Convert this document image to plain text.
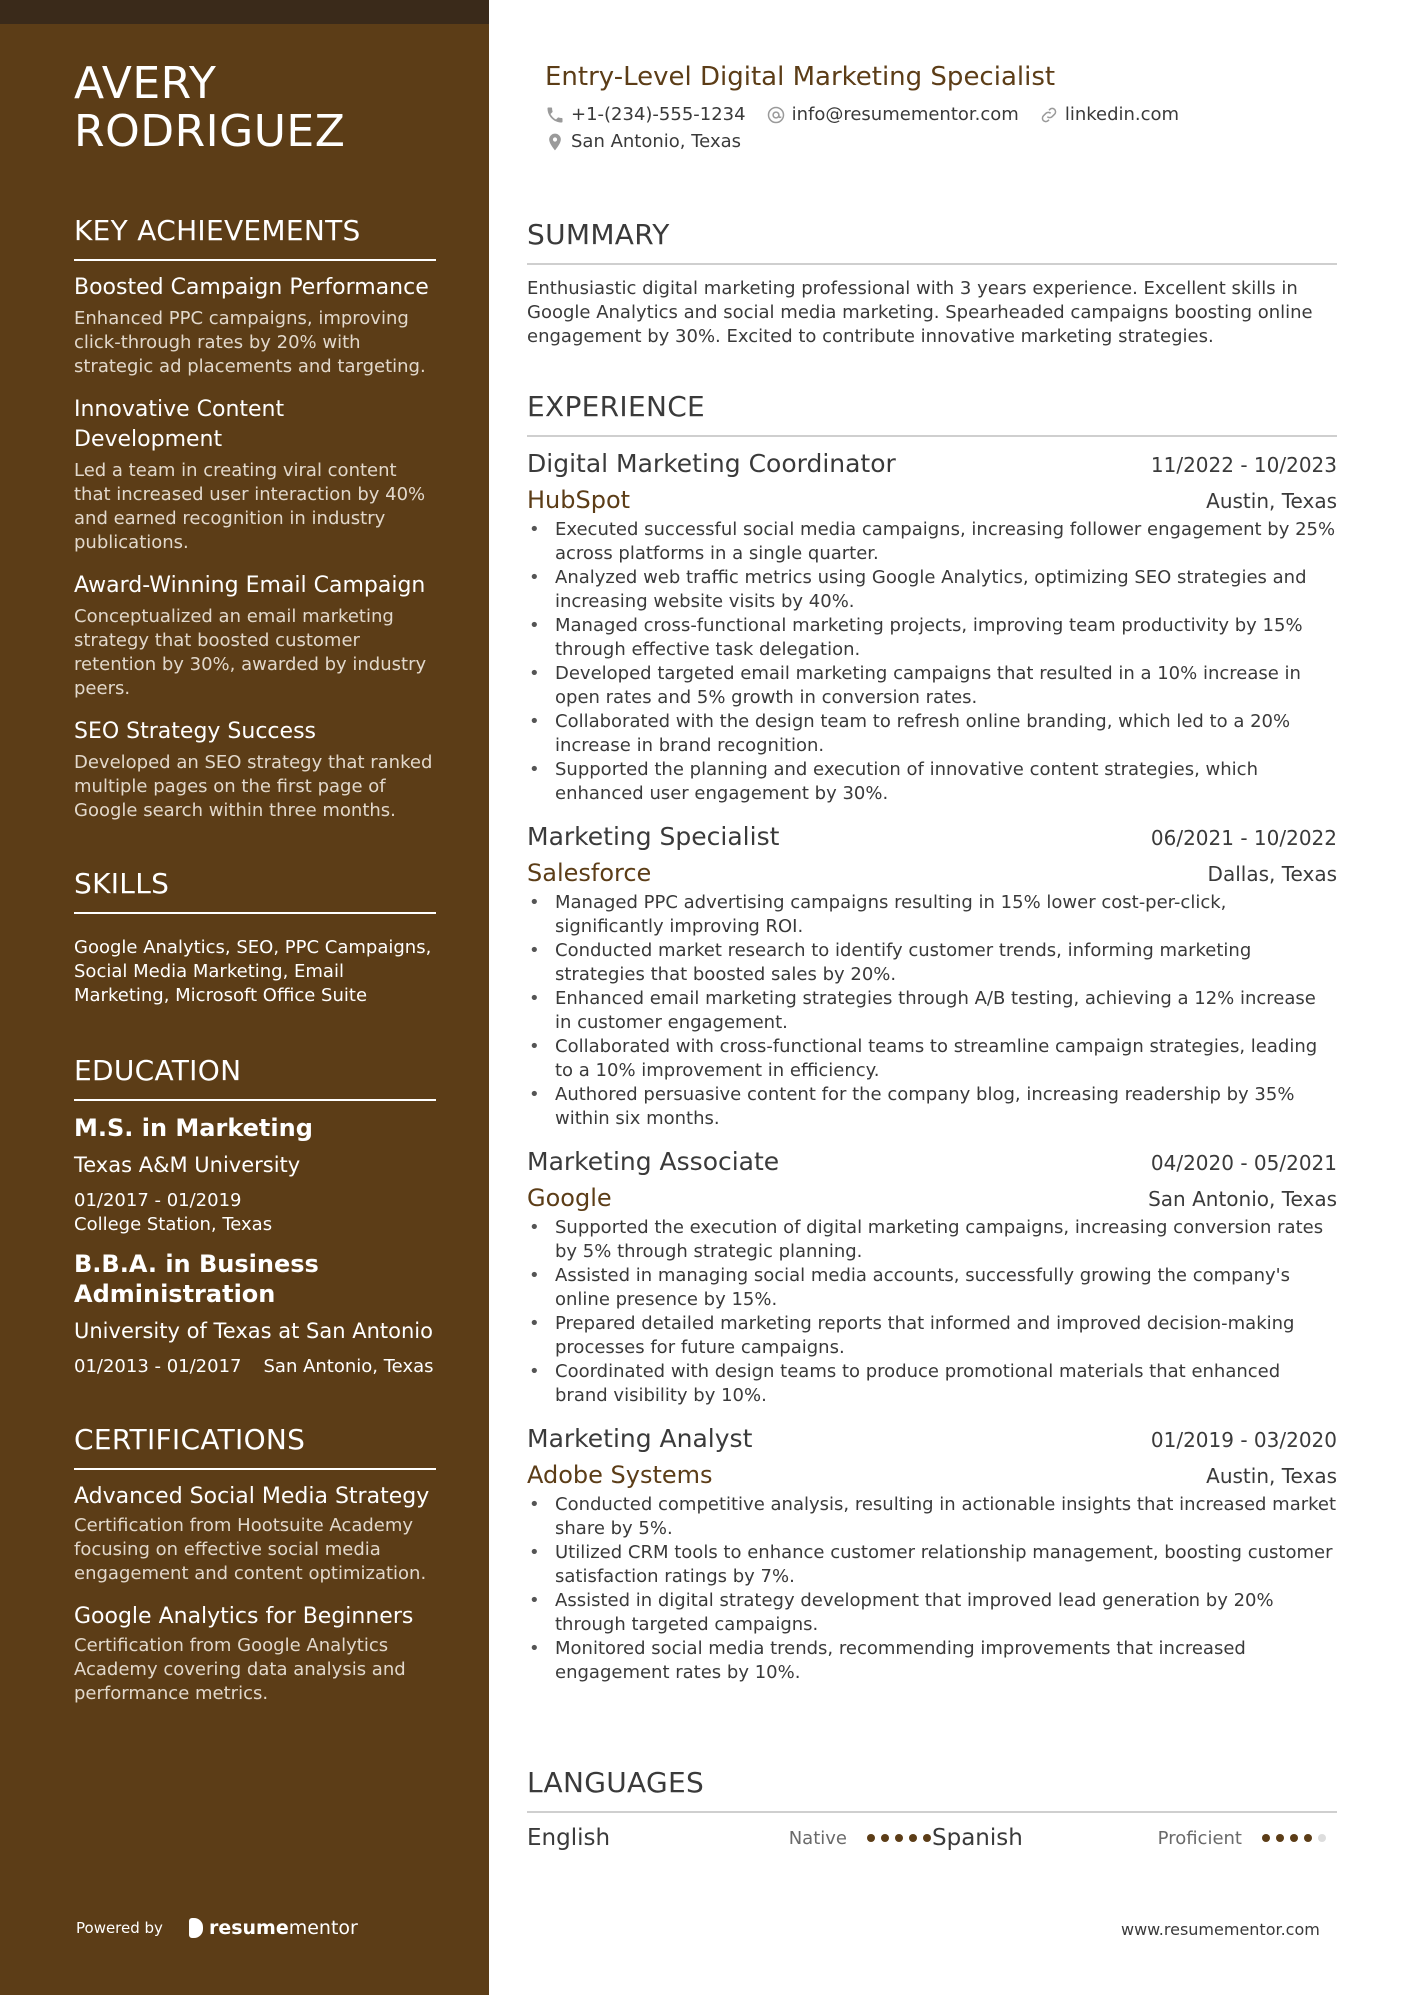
AVERY
RODRIGUEZ
KEY ACHIEVEMENTS
Boosted Campaign Performance
Enhanced PPC campaigns, improving click-through rates by 20% with strategic ad placements and targeting.
Innovative Content Development
Led a team in creating viral content that increased user interaction by 40% and earned recognition in industry publications.
Award-Winning Email Campaign
Conceptualized an email marketing strategy that boosted customer retention by 30%, awarded by industry peers.
SEO Strategy Success
Developed an SEO strategy that ranked multiple pages on the first page of Google search within three months.
SKILLS
Google Analytics, SEO, PPC Campaigns, Social Media Marketing, Email Marketing, Microsoft Office Suite
EDUCATION
M.S. in Marketing
Texas A&M University
01/2017 - 01/2019
College Station, Texas
B.B.A. in Business Administration
University of Texas at San Antonio
01/2013 - 01/2017 San Antonio, Texas
CERTIFICATIONS
Advanced Social Media Strategy
Certification from Hootsuite Academy focusing on effective social media engagement and content optimization.
Google Analytics for Beginners
Certification from Google Analytics Academy covering data analysis and performance metrics.
Powered by resume mentor
Entry-Level Digital Marketing Specialist
+1-(234)-555-1234	info@resumementor.com	linkedin.com
San Antonio, Texas
SUMMARY
Enthusiastic digital marketing professional with 3 years experience. Excellent skills in Google Analytics and social media marketing. Spearheaded campaigns boosting online engagement by 30%. Excited to contribute innovative marketing strategies.
EXPERIENCE
Digital Marketing Coordinator	11/2022 - 10/2023
HubSpot	Austin, Texas
• Executed successful social media campaigns, increasing follower engagement by 25% across platforms in a single quarter.
• Analyzed web traffic metrics using Google Analytics, optimizing SEO strategies and increasing website visits by 40%.
• Managed cross-functional marketing projects, improving team productivity by 15% through effective task delegation.
• Developed targeted email marketing campaigns that resulted in a 10% increase in open rates and 5% growth in conversion rates.
• Collaborated with the design team to refresh online branding, which led to a 20% increase in brand recognition.
• Supported the planning and execution of innovative content strategies, which enhanced user engagement by 30%.
Marketing Specialist	06/2021 - 10/2022
Salesforce	Dallas, Texas
• Managed PPC advertising campaigns resulting in 15% lower cost-per-click, significantly improving ROI.
• Conducted market research to identify customer trends, informing marketing strategies that boosted sales by 20%.
• Enhanced email marketing strategies through A/B testing, achieving a 12% increase in customer engagement.
• Collaborated with cross-functional teams to streamline campaign strategies, leading to a 10% improvement in efficiency.
• Authored persuasive content for the company blog, increasing readership by 35% within six months.
Marketing Associate	04/2020 - 05/2021
Google	San Antonio, Texas
• Supported the execution of digital marketing campaigns, increasing conversion rates by 5% through strategic planning.
• Assisted in managing social media accounts, successfully growing the company's online presence by 15%.
• Prepared detailed marketing reports that informed and improved decision-making processes for future campaigns.
• Coordinated with design teams to produce promotional materials that enhanced brand visibility by 10%.
Marketing Analyst	01/2019 - 03/2020
Adobe Systems	Austin, Texas
• Conducted competitive analysis, resulting in actionable insights that increased market share by 5%.
• Utilized CRM tools to enhance customer relationship management, boosting customer satisfaction ratings by 7%.
• Assisted in digital strategy development that improved lead generation by 20% through targeted campaigns.
• Monitored social media trends, recommending improvements that increased engagement rates by 10%.
LANGUAGES
English	Native	Spanish	Proficient
www.resumementor.com
